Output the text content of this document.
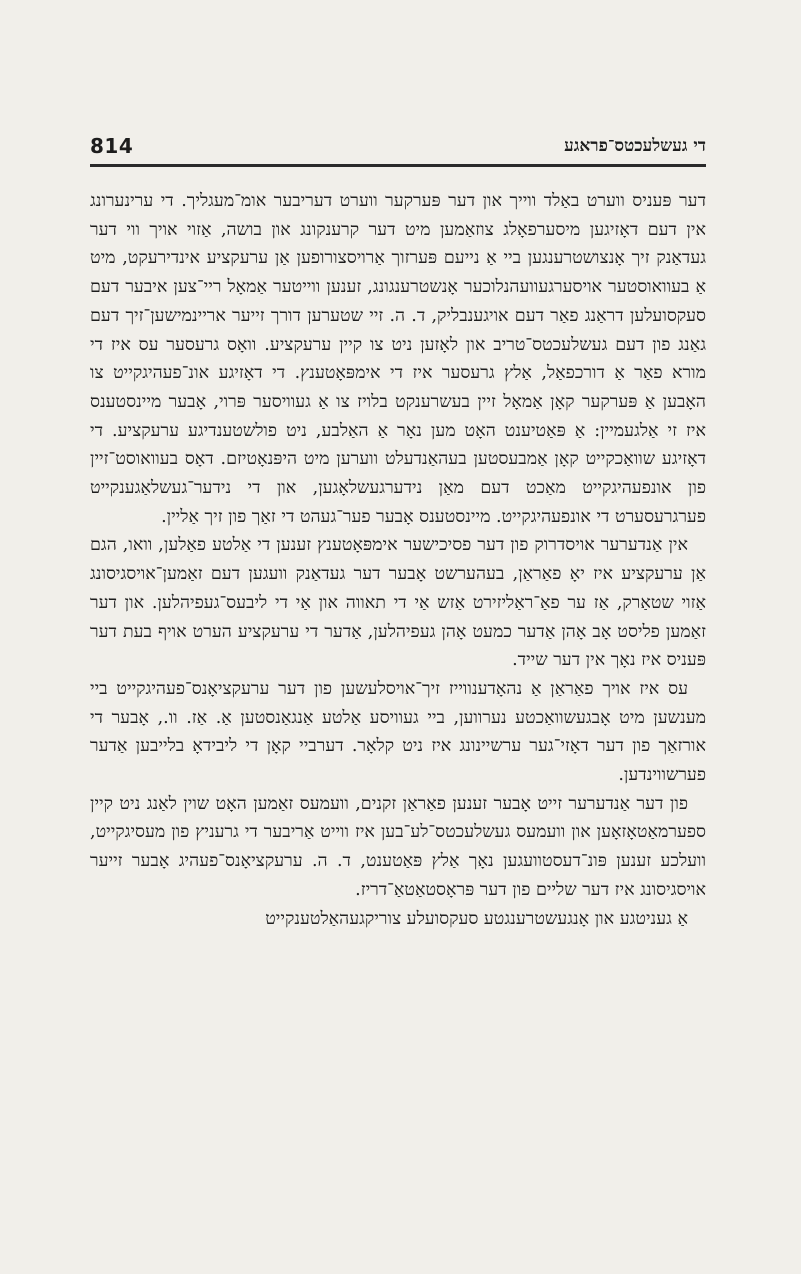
814	די געשלעכטס־פראגע

דער פּעניס ווערט באַלד ווייך און דער פּערקער ווערט דעריבער אומ־מעגליך. די ערינערונג אין דעם דאָזיגען מיסערפאָלג צוזאַמען מיט דער קרענקונג און בושה, אַזוי אויך ווי דער געדאַנק זיך אָנצושטרענגען ביי אַ נייעם פּערזוך אַרויסצורופען אַן ערעקציע אינדירעקט, מיט אַ בעוואוסטער אויסערגעוועהנלוכער אָנשטרענגונג, זענען ווייטער אַמאָל ריי־צען איבער דעם סעקסועלען דראַנג פאַר דעם אויגענבליק, ד. ה. זיי שטערען דורך זייער אריינמישען־זיך דעם גאַנג פון דעם געשלעכטס־טריב און לאָזען ניט צו קיין ערעקציע. וואָס גרעסער עס איז די מורא פאַר אַ דורכפאַל, אַלץ גרעסער איז די אימפּאָטענץ. די דאָזיגע אונ־פעהיגקייט צו האָבען אַ פּערקער קאָן אַמאָל זיין בעשרענקט בלויז צו אַ געוויסער פּרוי, אָבער מיינסטענס איז זי אַלגעמיין: אַ פּאַטיענט האָט מען נאָר אַ האַלבע, ניט פולשטענדיגע ערעקציע. די דאָזיגע שוואַכקייט קאָן אַמבעסטען בעהאַנדעלט ווערען מיט היפּנאָטיזם. דאָס בעוואוסט־זיין פון אונפעהיגקייט מאַכט דעם מאַן נידערגעשלאָגען, און די נידער־געשלאַגענקייט פערגרעסערט די אונפעהיגקייט. מיינסטענס אָבער פער־געהט די זאַך פון זיך אַליין.

אין אַנדערער אויסדרוק פון דער פסיכישער אימפּאָטענץ זענען די אַלטע פאַלען, וואו, הגם אַן ערעקציע איז יאָ פאַראַן, בעהערשט אָבער דער געדאַנק וועגען דעם זאַמען־אויסגיסונג אַזוי שטאַרק, אַז ער פאַ־ראַליזירט אַזש אַי די תאווה און אַי די ליבעס־געפיהלען. און דער זאַמען פליסט אָב אָהן אַדער כמעט אָהן געפיהלען, אַדער די ערעקציע הערט אויף בעת דער פּעניס איז נאָך אין דער שייד.

עס איז אויך פאַראַן אַ נהאָדענווייז זיך־אויסלעשען פון דער ערעקציאָנס־פעהיגקייט ביי מענשען מיט אָבגעשוואַכטע נערווען, ביי געוויסע אַלטע אַנגאַנסטען אַ. אַז. וו., אָבער די אורזאַך פון דער דאָזי־גער ערשיינונג איז ניט קלאָר. דערביי קאָן די ליבידאָ בלייבען אַדער פערשווינדען.

פון דער אַנדערער זייט אָבער זענען פאַראַן זקנים, וועמעס זאַמען האָט שוין לאַנג ניט קיין ספערמאַטאָזאָען און וועמעס געשלעכטס־לע־בען איז ווייט אַריבער די גרעניץ פון מעסיגקייט, וועלכע זענען פּונ־דעסטוועגען נאָך אַלץ פּאַטענט, ד. ה. ערעקציאָנס־פעהיג אָבער זייער אויסגיסונג איז דער שליים פון דער פּראָסטאַטאַ־דריז.

אַ געניטגע און אָנגעשטרענגטע סעקסועלע צוריקגעהאַלטענקייט
